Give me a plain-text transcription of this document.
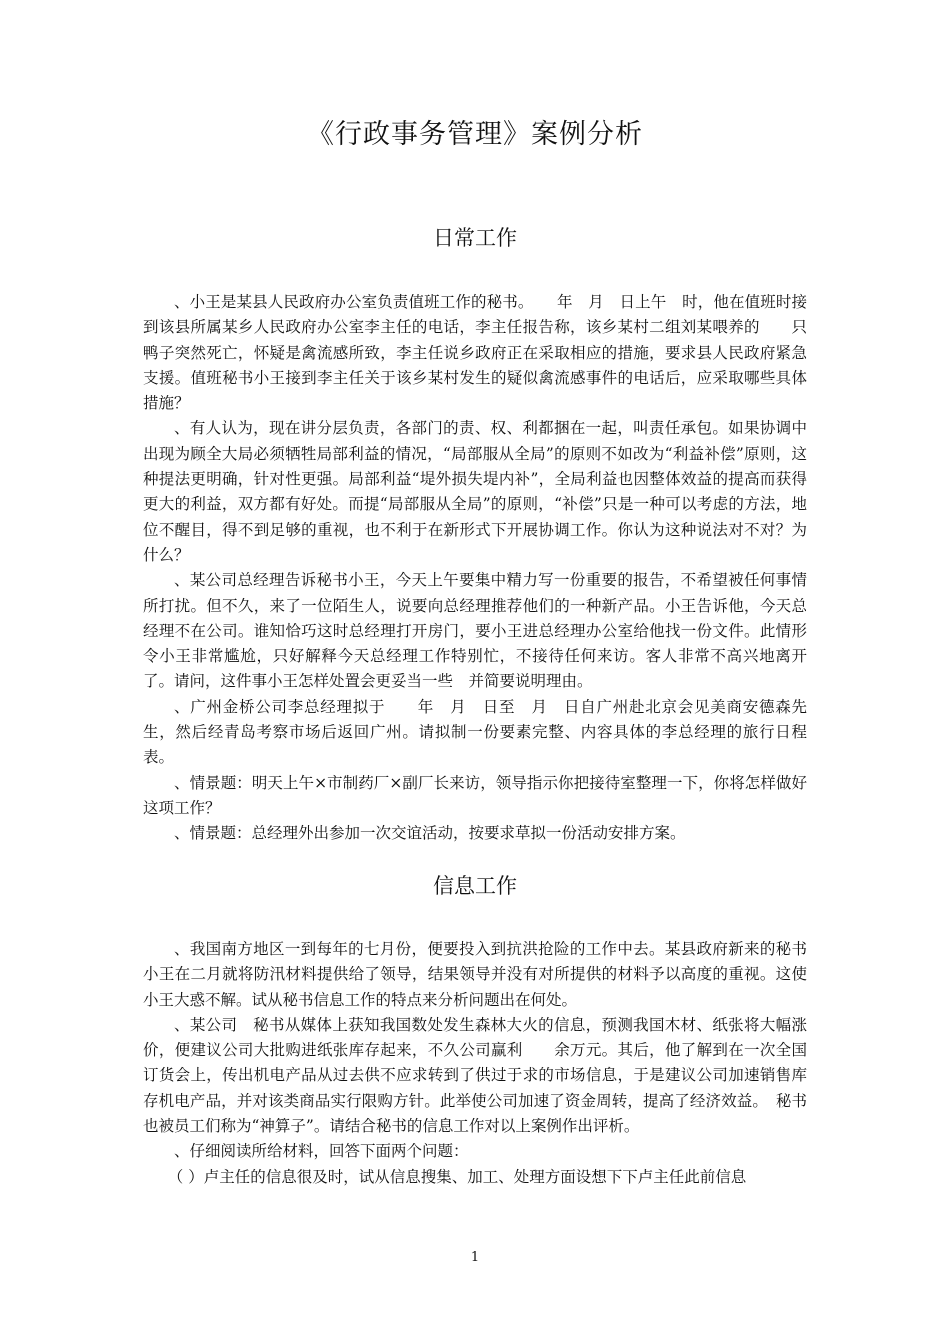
《行政事务管理》案例分析
日常工作

、小王是某县人民政府办公室负责值班工作的秘书。　　年　月　日上午　时，他在值班时接到该县所属某乡人民政府办公室李主任的电话，李主任报告称，该乡某村二组刘某喂养的　　只鸭子突然死亡，怀疑是禽流感所致，李主任说乡政府正在采取相应的措施，要求县人民政府紧急支援。值班秘书小王接到李主任关于该乡某村发生的疑似禽流感事件的电话后，应采取哪些具体措施？

、有人认为，现在讲分层负责，各部门的责、权、利都捆在一起，叫责任承包。如果协调中出现为顾全大局必须牺牲局部利益的情况，“局部服从全局”的原则不如改为“利益补偿”原则，这种提法更明确，针对性更强。局部利益“堤外损失堤内补”，全局利益也因整体效益的提高而获得更大的利益，双方都有好处。而提“局部服从全局”的原则，“补偿”只是一种可以考虑的方法，地位不醒目，得不到足够的重视，也不利于在新形式下开展协调工作。你认为这种说法对不对？为什么？

、某公司总经理告诉秘书小王，今天上午要集中精力写一份重要的报告，不希望被任何事情所打扰。但不久，来了一位陌生人，说要向总经理推荐他们的一种新产品。小王告诉他，今天总经理不在公司。谁知恰巧这时总经理打开房门，要小王进总经理办公室给他找一份文件。此情形令小王非常尴尬，只好解释今天总经理工作特别忙，不接待任何来访。客人非常不高兴地离开了。请问，这件事小王怎样处置会更妥当一些　并简要说明理由。

、广州金桥公司李总经理拟于　　年　月　日至　月　日自广州赴北京会见美商安德森先生，然后经青岛考察市场后返回广州。请拟制一份要素完整、内容具体的李总经理的旅行日程表。

、情景题：明天上午×市制药厂×副厂长来访，领导指示你把接待室整理一下，你将怎样做好这项工作？

、情景题：总经理外出参加一次交谊活动，按要求草拟一份活动安排方案。

信息工作

、我国南方地区一到每年的七月份，便要投入到抗洪抢险的工作中去。某县政府新来的秘书小王在二月就将防汛材料提供给了领导，结果领导并没有对所提供的材料予以高度的重视。这使小王大惑不解。试从秘书信息工作的特点来分析问题出在何处。

、某公司　秘书从媒体上获知我国数处发生森林大火的信息，预测我国木材、纸张将大幅涨价，便建议公司大批购进纸张库存起来，不久公司赢利　　余万元。其后，他了解到在一次全国订货会上，传出机电产品从过去供不应求转到了供过于求的市场信息，于是建议公司加速销售库存机电产品，并对该类商品实行限购方针。此举使公司加速了资金周转，提高了经济效益。　秘书也被员工们称为“神算子”。请结合秘书的信息工作对以上案例作出评析。

、仔细阅读所给材料，回答下面两个问题：

（ ）卢主任的信息很及时，试从信息搜集、加工、处理方面设想下下卢主任此前信息

1
